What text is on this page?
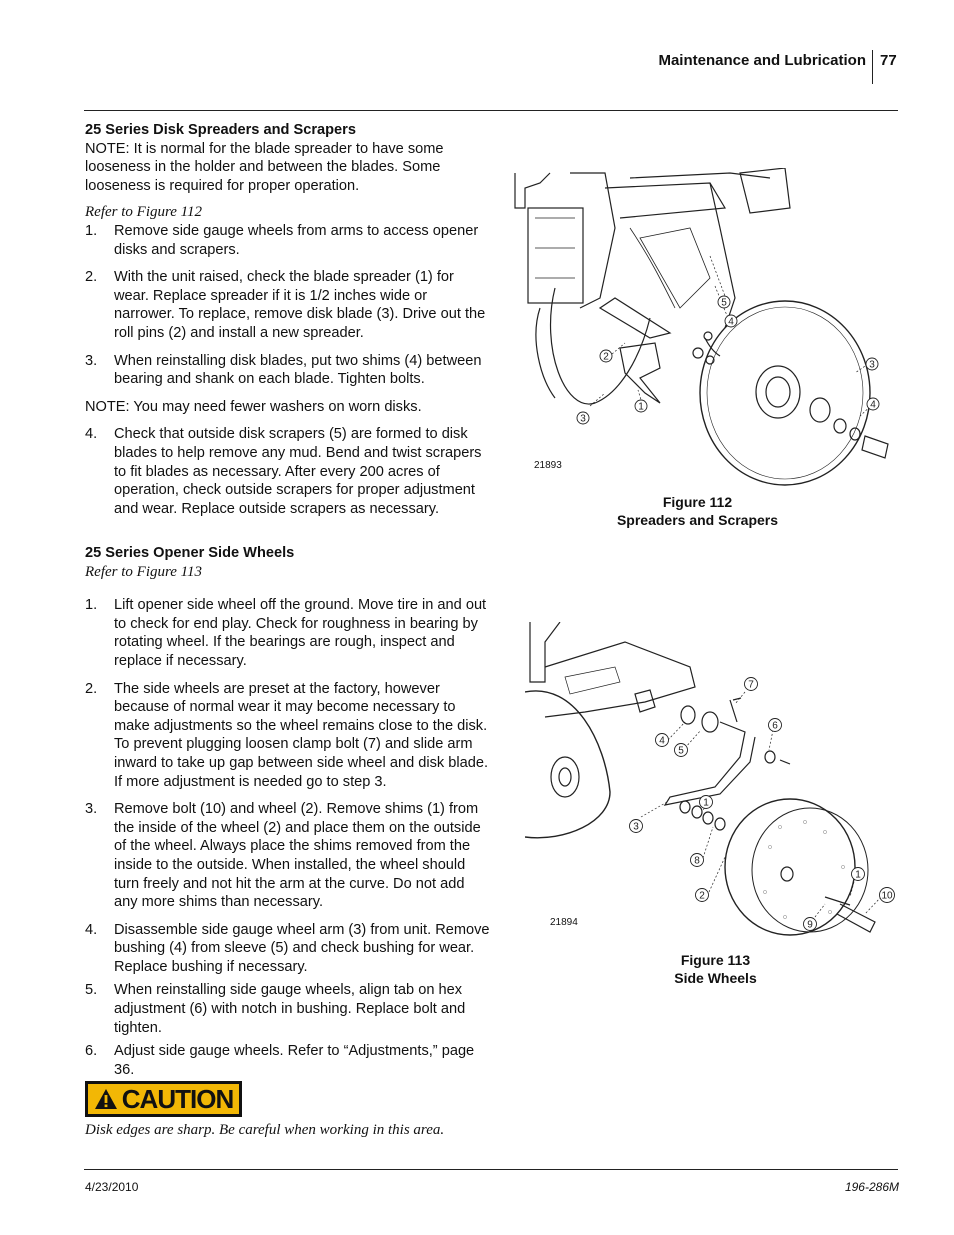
Maintenance and Lubrication 77
25 Series Disk Spreaders and Scrapers
NOTE: It is normal for the blade spreader to have some looseness in the holder and between the blades. Some looseness is required for proper operation.
Refer to Figure 112
1. Remove side gauge wheels from arms to access opener disks and scrapers.
2. With the unit raised, check the blade spreader (1) for wear. Replace spreader if it is 1/2 inches wide or narrower. To replace, remove disk blade (3). Drive out the roll pins (2) and install a new spreader.
3. When reinstalling disk blades, put two shims (4) between bearing and shank on each blade. Tighten bolts.
NOTE: You may need fewer washers on worn disks.
4. Check that outside disk scrapers (5) are formed to disk blades to help remove any mud. Bend and twist scrapers to fit blades as necessary. After every 200 acres of operation, check outside scrapers for proper adjustment and wear. Replace outside scrapers as necessary.
25 Series Opener Side Wheels
Refer to Figure 113
1. Lift opener side wheel off the ground. Move tire in and out to check for end play. Check for roughness in bearing by rotating wheel. If the bearings are rough, inspect and replace if necessary.
2. The side wheels are preset at the factory, however because of normal wear it may become necessary to make adjustments so the wheel remains close to the disk. To prevent plugging loosen clamp bolt (7) and slide arm inward to take up gap between side wheel and disk blade. If more adjustment is needed go to step 3.
3. Remove bolt (10) and wheel (2). Remove shims (1) from the inside of the wheel (2) and place them on the outside of the wheel. Always place the shims removed from the inside to the outside. When installed, the wheel should turn freely and not hit the arm at the curve. Do not add any more shims than necessary.
4. Disassemble side gauge wheel arm (3) from unit. Remove bushing (4) from sleeve (5) and check bushing for wear. Replace bushing if necessary.
5. When reinstalling side gauge wheels, align tab on hex adjustment (6) with notch in bushing. Replace bolt and tighten.
6. Adjust side gauge wheels. Refer to “Adjustments,” page 36.
CAUTION
Disk edges are sharp. Be careful when working in this area.
5
4
2
3
1
3
4
21893
Figure 112
Spreaders and Scrapers
7
6
4
5
1
3
8
2
1
10
9
21894
Figure 113
Side Wheels
4/23/2010	196-286M
